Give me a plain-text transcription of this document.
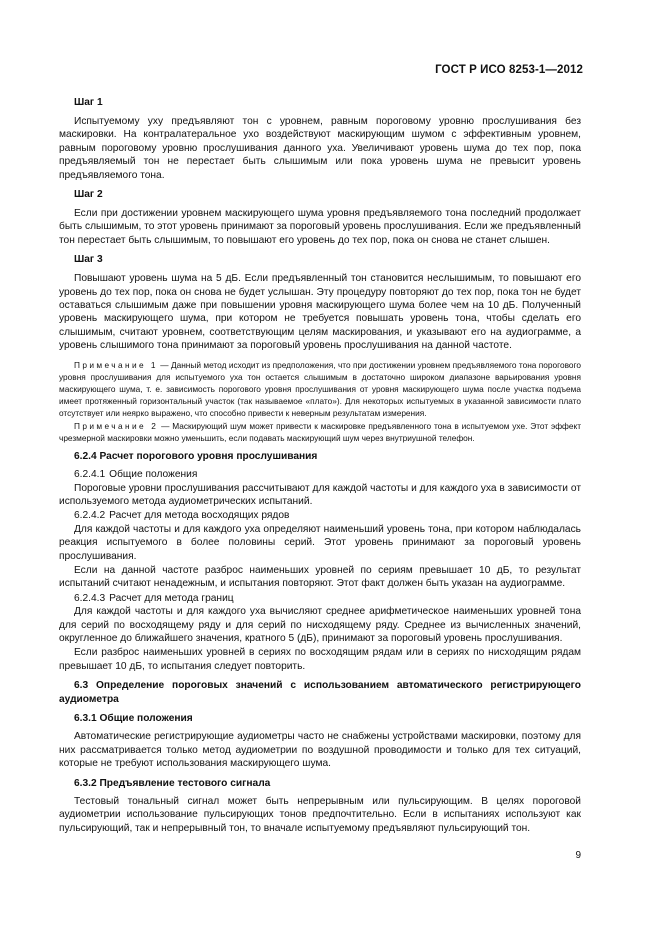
ГОСТ Р ИСО 8253-1—2012
Шаг 1

Испытуемому уху предъявляют тон с уровнем, равным пороговому уровню прослушивания без маскировки. На контралатеральное ухо воздействуют маскирующим шумом с эффективным уровнем, равным пороговому уровню прослушивания данного уха. Увеличивают уровень шума до тех пор, пока предъявляемый тон не перестает быть слышимым или пока уровень шума не превысит уровень предъявляемого тона.

Шаг 2

Если при достижении уровнем маскирующего шума уровня предъявляемого тона последний продолжает быть слышимым, то этот уровень принимают за пороговый уровень прослушивания. Если же предъявленный тон перестает быть слышимым, то повышают его уровень до тех пор, пока он снова не станет слышен.

Шаг 3

Повышают уровень шума на 5 дБ. Если предъявленный тон становится неслышимым, то повышают его уровень до тех пор, пока он снова не будет услышан. Эту процедуру повторяют до тех пор, пока тон не будет оставаться слышимым даже при повышении уровня маскирующего шума более чем на 10 дБ. Полученный уровень маскирующего шума, при котором не требуется повышать уровень тона, чтобы сделать его слышимым, считают уровнем, соответствующим целям маскирования, и указывают его на аудиограмме, а уровень слышимого тона принимают за пороговый уровень прослушивания на данной частоте.

Примечание 1 — Данный метод исходит из предположения, что при достижении уровнем предъявляемого тона порогового уровня прослушивания для испытуемого уха тон остается слышимым в достаточно широком диапазоне варьирования уровня маскирующего шума, т. е. зависимость порогового уровня прослушивания от уровня маскирующего шума после участка подъема имеет протяженный горизонтальный участок (так называемое «плато»). Для некоторых испытуемых в указанной зависимости плато отсутствует или неярко выражено, что способно привести к неверным результатам измерения.

Примечание 2 — Маскирующий шум может привести к маскировке предъявленного тона в испытуемом ухе. Этот эффект чрезмерной маскировки можно уменьшить, если подавать маскирующий шум через внутриушной телефон.

6.2.4 Расчет порогового уровня прослушивания
6.2.4.1 Общие положения

Пороговые уровни прослушивания рассчитывают для каждой частоты и для каждого уха в зависимости от используемого метода аудиометрических испытаний.

6.2.4.2 Расчет для метода восходящих рядов

Для каждой частоты и для каждого уха определяют наименьший уровень тона, при котором наблюдалась реакция испытуемого в более половины серий. Этот уровень принимают за пороговый уровень прослушивания.

Если на данной частоте разброс наименьших уровней по сериям превышает 10 дБ, то результат испытаний считают ненадежным, и испытания повторяют. Этот факт должен быть указан на аудиограмме.

6.2.4.3 Расчет для метода границ

Для каждой частоты и для каждого уха вычисляют среднее арифметическое наименьших уровней тона для серий по восходящему ряду и для серий по нисходящему ряду. Среднее из вычисленных значений, округленное до ближайшего значения, кратного 5 (дБ), принимают за пороговый уровень прослушивания.

Если разброс наименьших уровней в сериях по восходящим рядам или в сериях по нисходящим рядам превышает 10 дБ, то испытания следует повторить.

6.3 Определение пороговых значений с использованием автоматического регистрирующего аудиометра
6.3.1 Общие положения

Автоматические регистрирующие аудиометры часто не снабжены устройствами маскировки, поэтому для них рассматривается только метод аудиометрии по воздушной проводимости и только для тех ситуаций, которые не требуют использования маскирующего шума.

6.3.2 Предъявление тестового сигнала

Тестовый тональный сигнал может быть непрерывным или пульсирующим. В целях пороговой аудиометрии использование пульсирующих тонов предпочтительно. Если в испытаниях используют как пульсирующий, так и непрерывный тон, то вначале испытуемому предъявляют пульсирующий тон.

9
